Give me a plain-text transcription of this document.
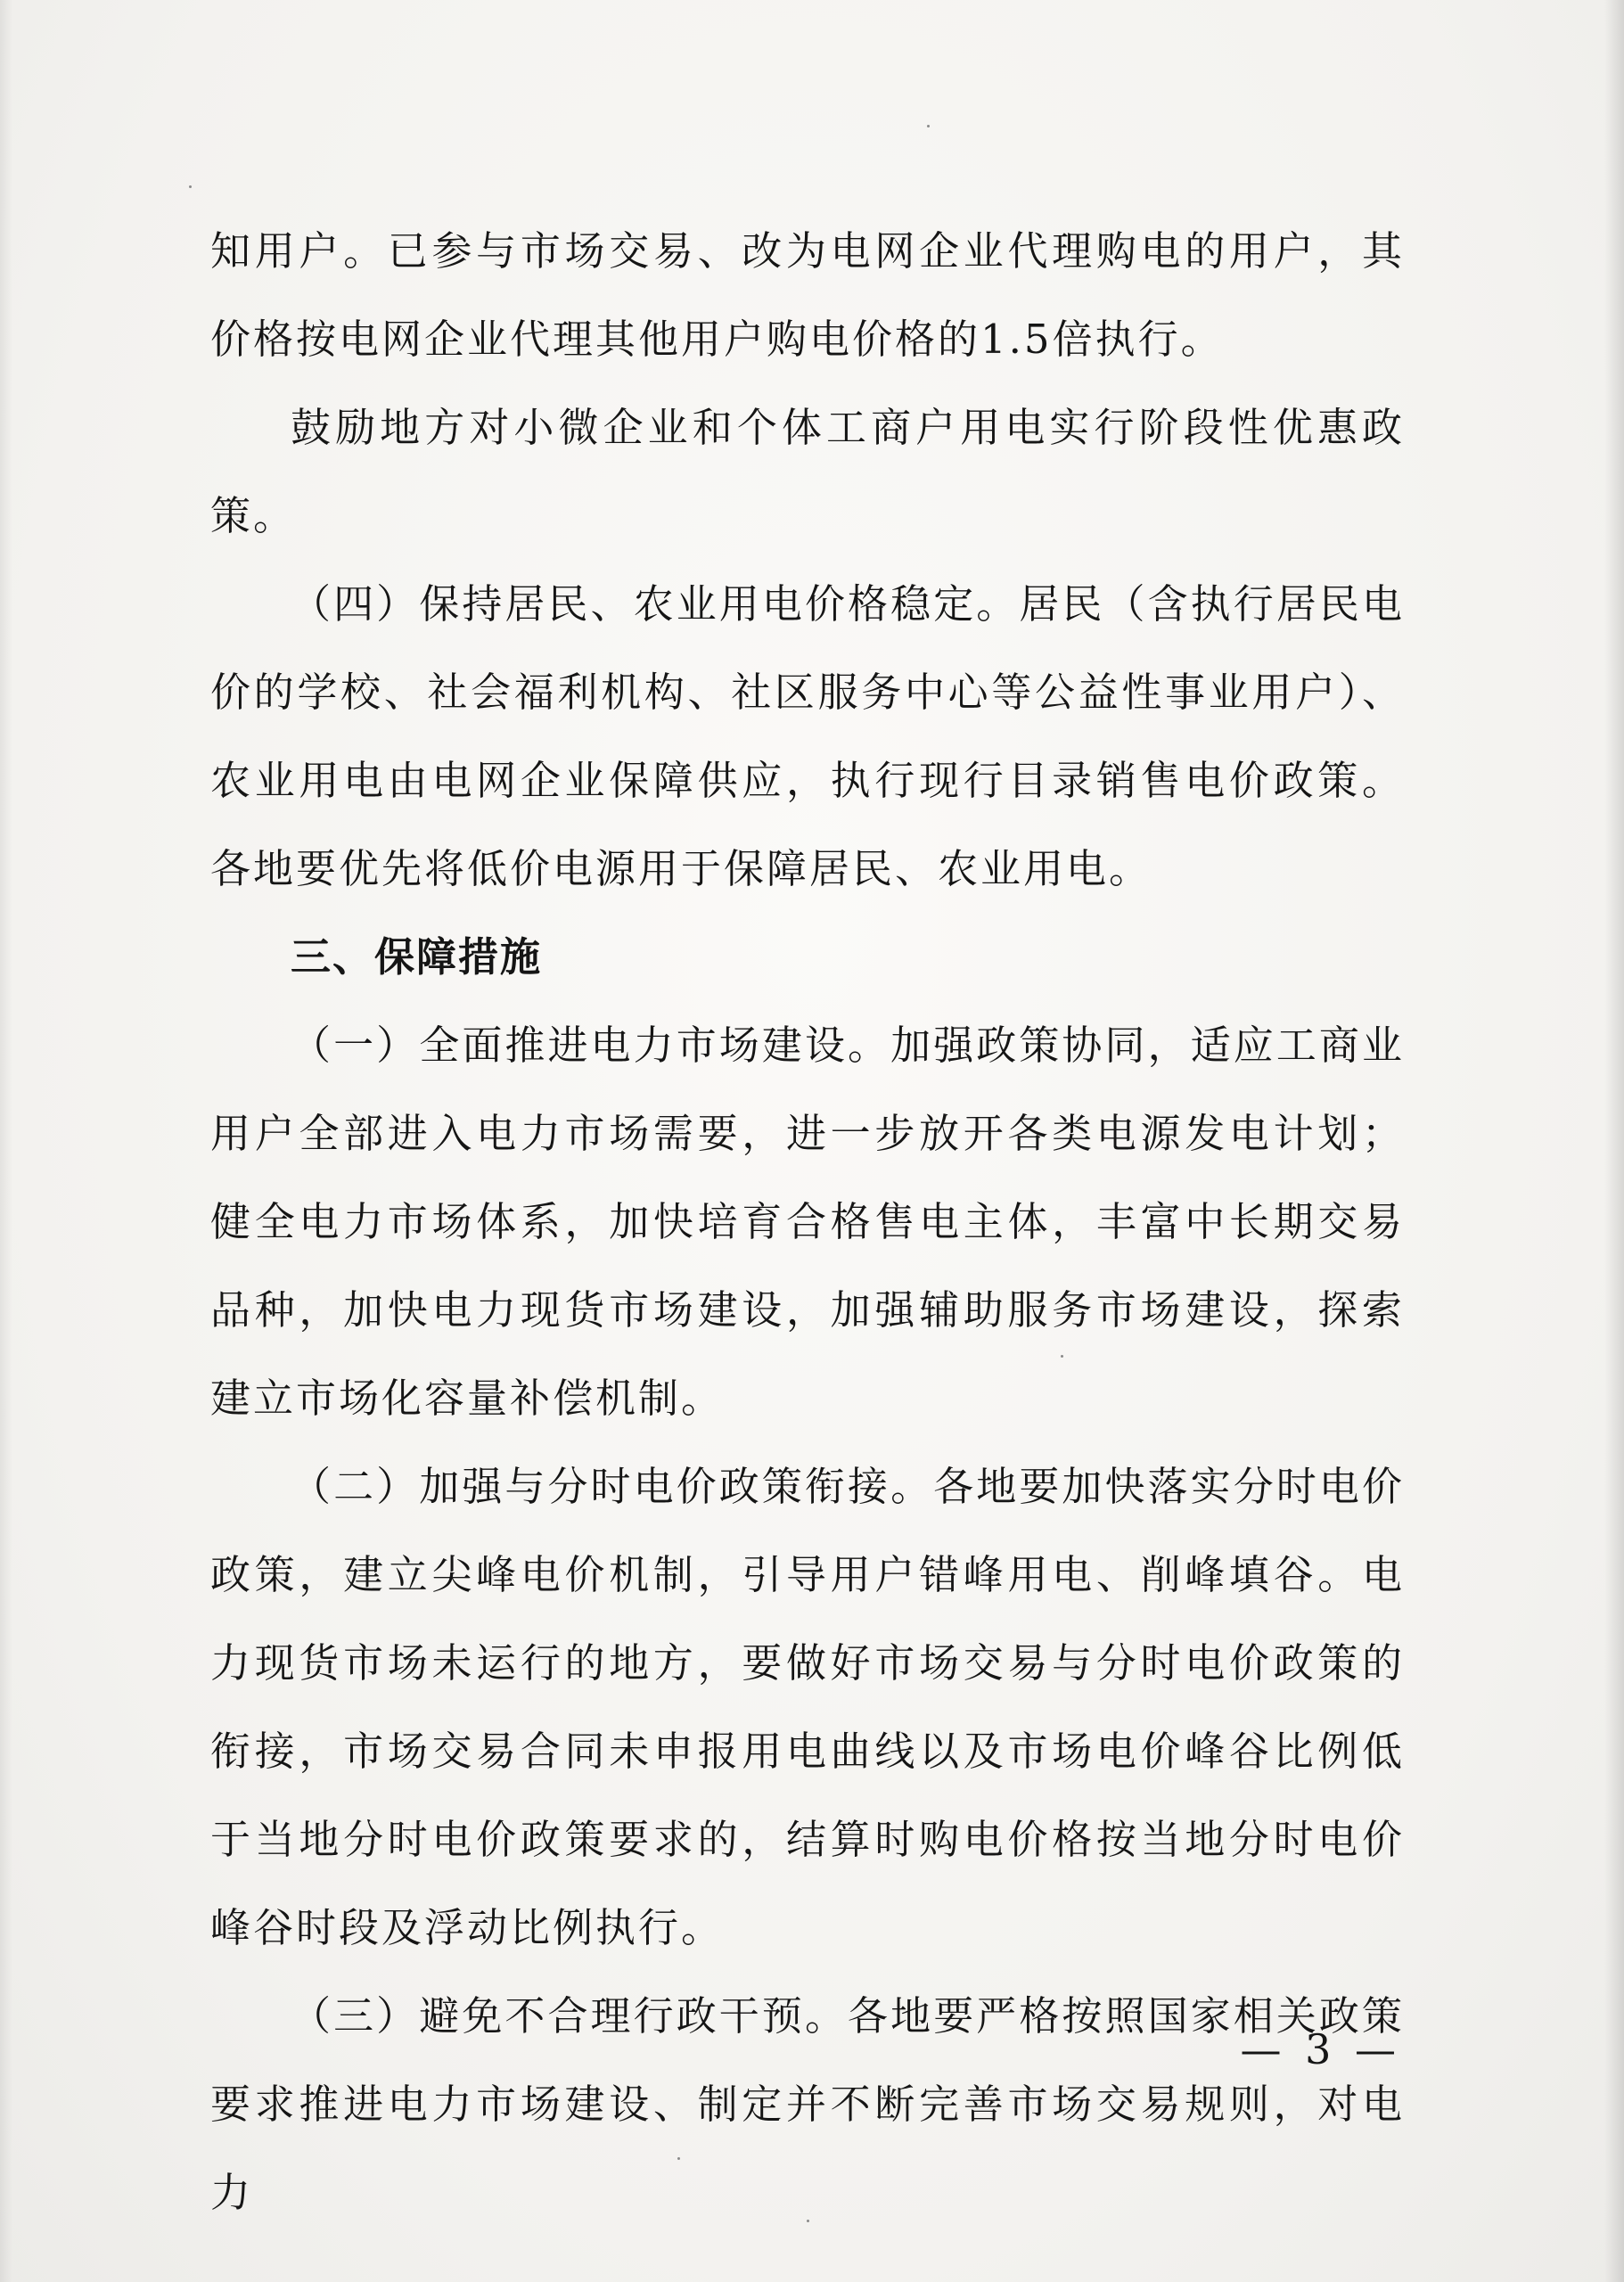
知用户。已参与市场交易、改为电网企业代理购电的用户，其价格按电网企业代理其他用户购电价格的1.5倍执行。

鼓励地方对小微企业和个体工商户用电实行阶段性优惠政策。

（四）保持居民、农业用电价格稳定。居民（含执行居民电价的学校、社会福利机构、社区服务中心等公益性事业用户）、农业用电由电网企业保障供应，执行现行目录销售电价政策。各地要优先将低价电源用于保障居民、农业用电。

三、保障措施

（一）全面推进电力市场建设。加强政策协同，适应工商业用户全部进入电力市场需要，进一步放开各类电源发电计划；健全电力市场体系，加快培育合格售电主体，丰富中长期交易品种，加快电力现货市场建设，加强辅助服务市场建设，探索建立市场化容量补偿机制。

（二）加强与分时电价政策衔接。各地要加快落实分时电价政策，建立尖峰电价机制，引导用户错峰用电、削峰填谷。电力现货市场未运行的地方，要做好市场交易与分时电价政策的衔接，市场交易合同未申报用电曲线以及市场电价峰谷比例低于当地分时电价政策要求的，结算时购电价格按当地分时电价峰谷时段及浮动比例执行。

（三）避免不合理行政干预。各地要严格按照国家相关政策要求推进电力市场建设、制定并不断完善市场交易规则，对电力

— 3 —
